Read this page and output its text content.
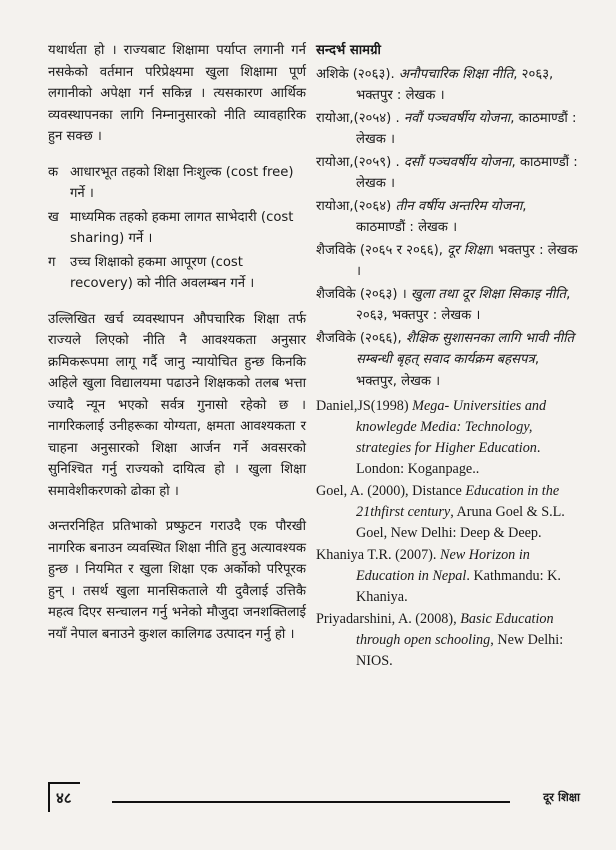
यथार्थता हो । राज्यबाट शिक्षामा पर्याप्त लगानी गर्न नसकेको वर्तमान परिप्रेक्ष्यमा खुला शिक्षामा पूर्ण लगानीको अपेक्षा गर्न सकिन्न । त्यसकारण आर्थिक व्यवस्थापनका लागि निम्नानुसारको नीति व्यावहारिक हुन सक्छ ।

क आधारभूत तहको शिक्षा निःशुल्क (cost free) गर्ने ।
ख माध्यमिक तहको हकमा लागत साभेदारी (cost sharing) गर्ने ।
ग	उच्च शिक्षाको हकमा आपूरण (cost recovery) को नीति अवलम्बन गर्ने ।

उल्लिखित खर्च व्यवस्थापन औपचारिक शिक्षा तर्फ राज्यले लिएको नीति नै आवश्यकता अनुसार क्रमिकरूपमा लागू गर्दै जानु न्यायोचित हुन्छ किनकि अहिले खुला विद्यालयमा पढाउने शिक्षकको तलब भत्ता ज्यादै न्यून भएको सर्वत्र गुनासो रहेको छ । नागरिकलाई उनीहरूका योग्यता, क्षमता आवश्यकता र चाहना अनुसारको शिक्षा आर्जन गर्ने अवसरको सुनिश्चित गर्नु राज्यको दायित्व हो । खुला शिक्षा समावेशीकरणको ढोका हो ।

अन्तरनिहित प्रतिभाको प्रष्फुटन गराउदै एक पौरखी नागरिक बनाउन व्यवस्थित शिक्षा नीति हुनु अत्यावश्यक हुन्छ । नियमित र खुला शिक्षा एक अर्कोको परिपूरक हुन् । तसर्थ खुला मानसिकताले यी दुवैलाई उत्तिकै महत्व दिएर सन्चालन गर्नु भनेको मौजुदा जनशक्तिलाई नयाँ नेपाल बनाउने कुशल कालिगढ उत्पादन गर्नु हो ।

सन्दर्भ सामग्री
अशिके (२०६३). अनौपचारिक शिक्षा नीति, २०६३, भक्तपुर : लेखक ।
रायोआ,(२०५४) . नवौं पञ्चवर्षीय योजना, काठमाण्डौं : लेखक ।
रायोआ,(२०५९) . दसौं पञ्चवर्षीय योजना, काठमाण्डौं : लेखक ।
रायोआ,(२०६४) तीन वर्षीय अन्तरिम योजना, काठमाण्डौं : लेखक ।
शैजविके (२०६५ र २०६६), दूर शिक्षा। भक्तपुर : लेखक ।
शैजविके (२०६३) । खुला तथा दूर शिक्षा सिकाइ नीति, २०६३, भक्तपुर : लेखक ।
शैजविके (२०६६), शैक्षिक सुशासनका लागि भावी नीति सम्बन्धी बृहत् सवाद कार्यक्रम बहसपत्र, भक्तपुर, लेखक ।
Daniel,JS(1998) Mega- Universities and knowlegde Media: Technology, strategies for Higher Education. London: Koganpage..
Goel, A. (2000), Distance Education in the 21thfirst century, Aruna Goel & S.L. Goel, New Delhi: Deep & Deep.
Khaniya T.R. (2007). New Horizon in Education in Nepal. Kathmandu: K. Khaniya.
Priyadarshini, A. (2008), Basic Education through open schooling, New Delhi: NIOS.
४८	दूर शिक्षा
